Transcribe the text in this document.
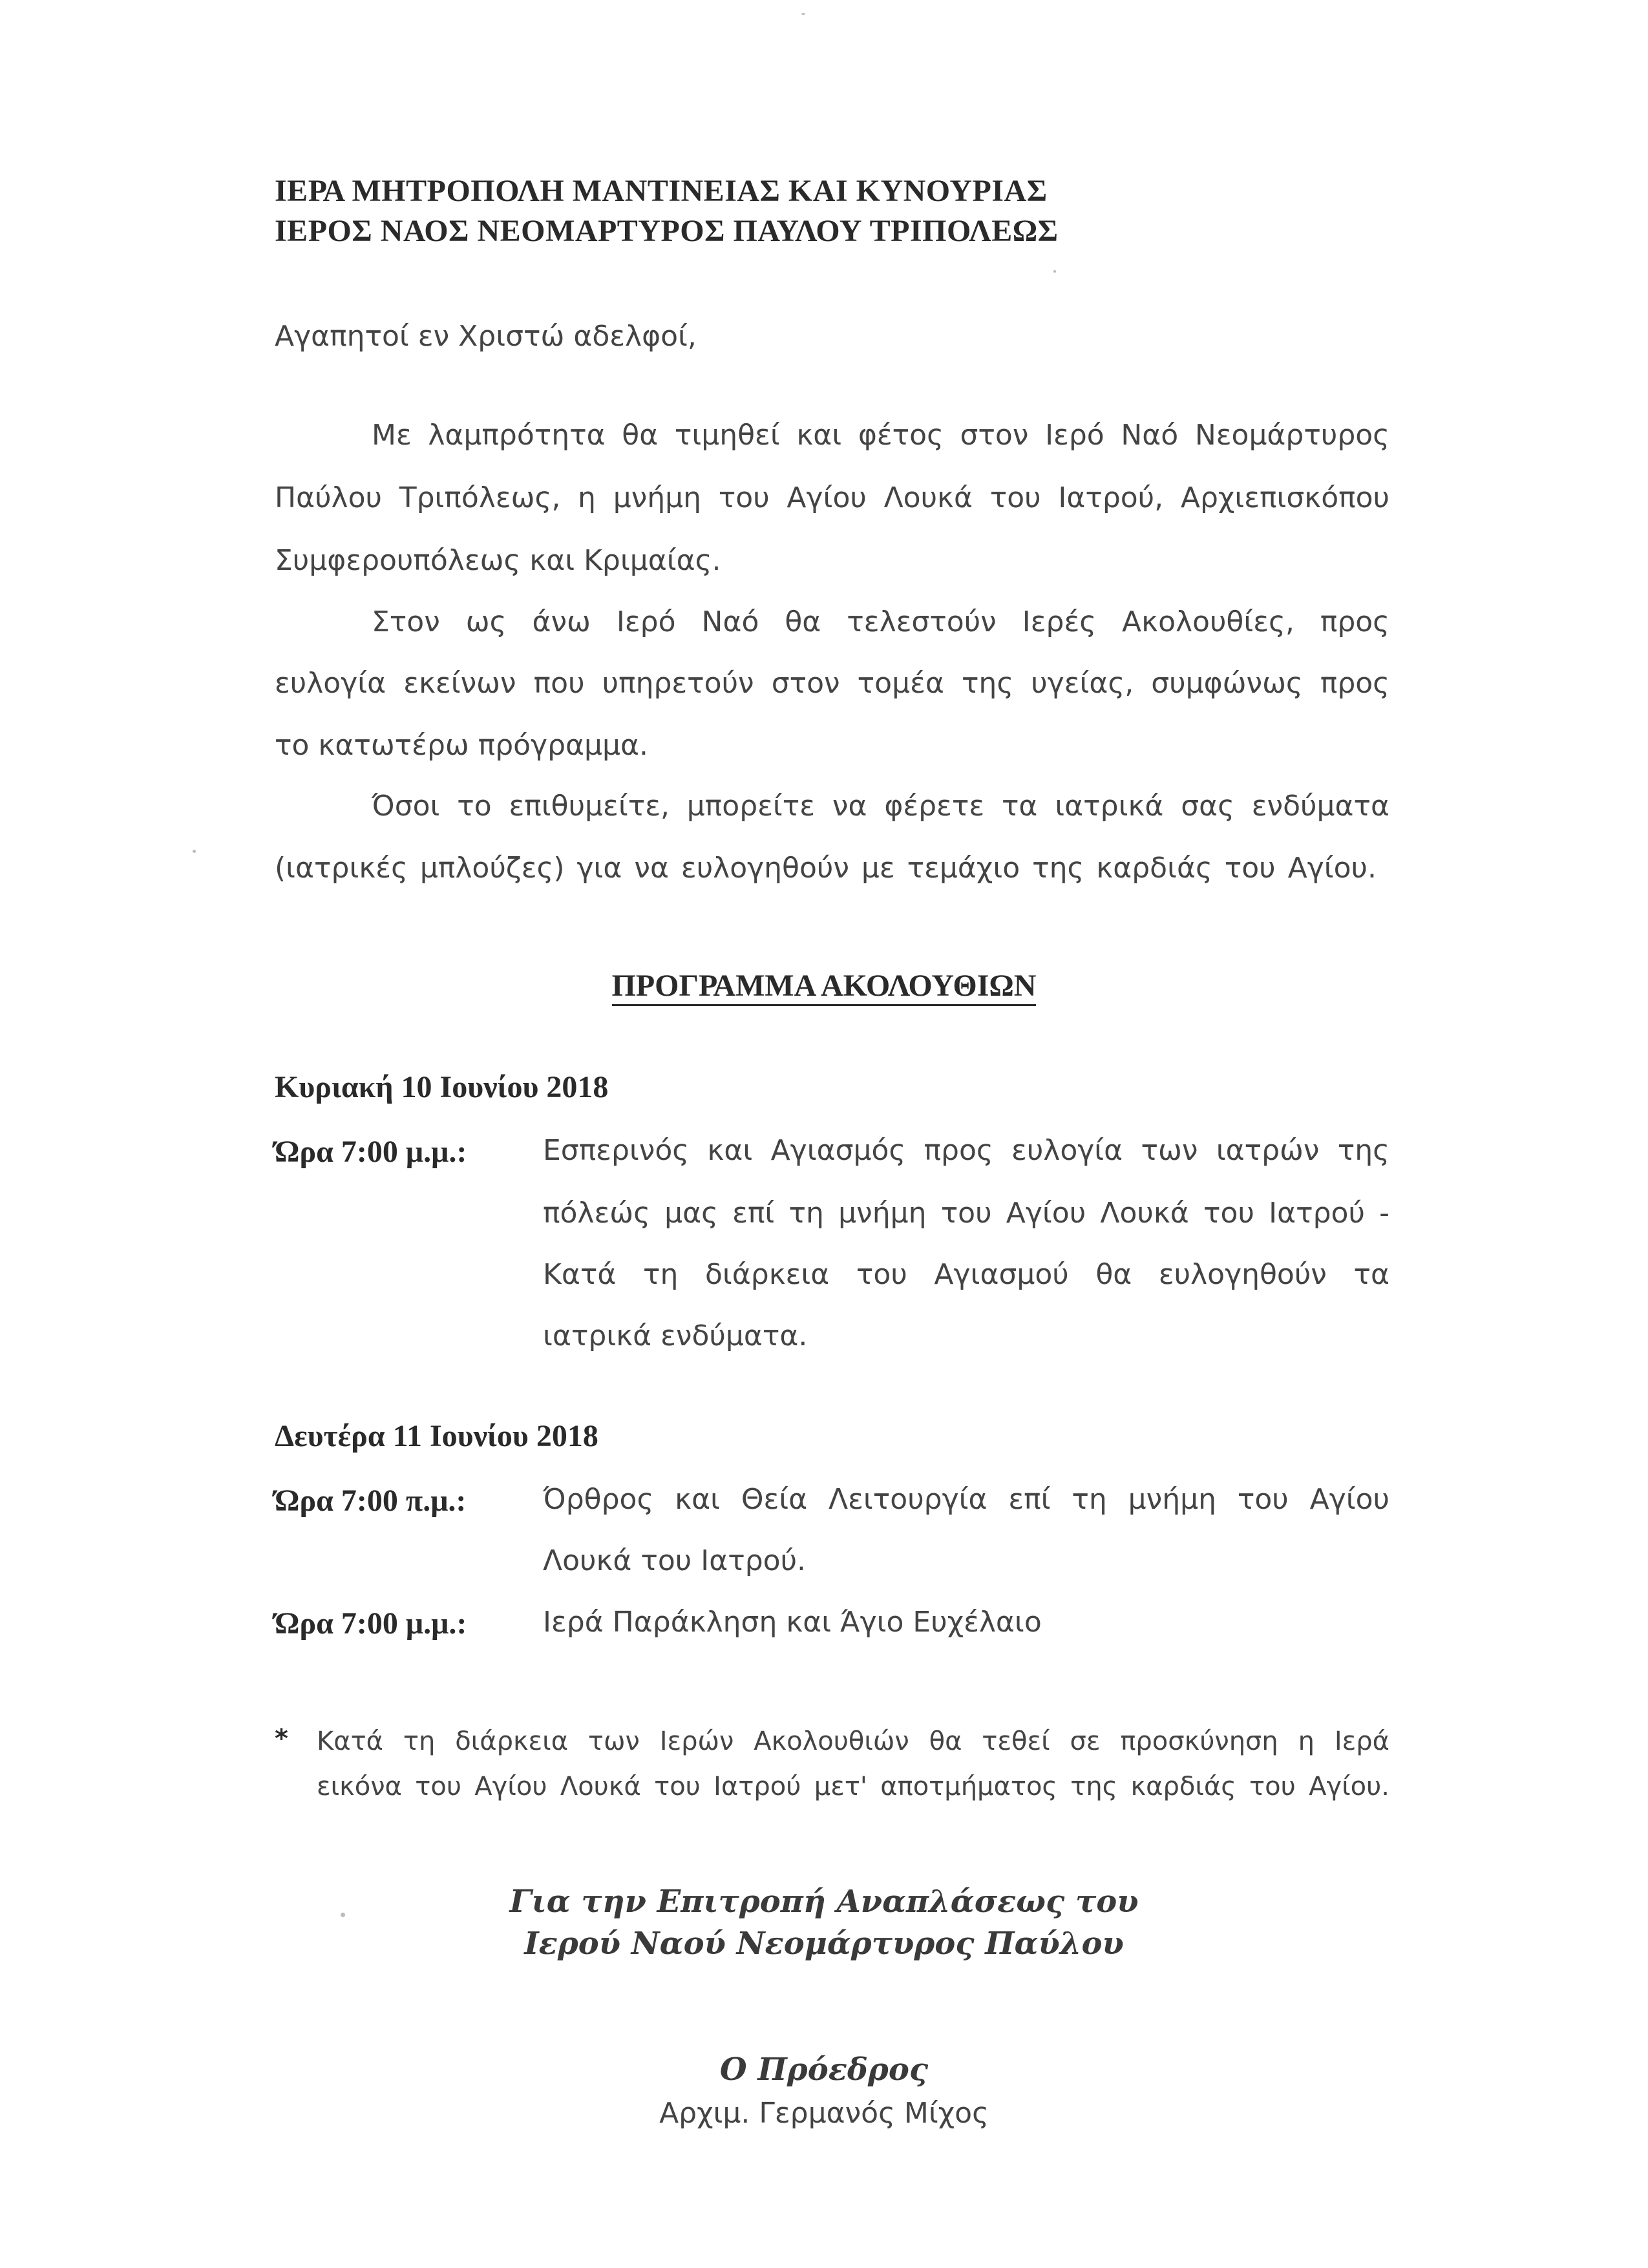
ΙΕΡΑ ΜΗΤΡΟΠΟΛΗ ΜΑΝΤΙΝΕΙΑΣ ΚΑΙ ΚΥΝΟΥΡΙΑΣ
ΙΕΡΟΣ ΝΑΟΣ ΝΕΟΜΑΡΤΥΡΟΣ ΠΑΥΛΟΥ ΤΡΙΠΟΛΕΩΣ
Αγαπητοί εν Χριστώ αδελφοί,
Με λαμπρότητα θα τιμηθεί και φέτος στον Ιερό Ναό Νεομάρτυρος
Παύλου Τριπόλεως, η μνήμη του Αγίου Λουκά του Ιατρού, Αρχιεπισκόπου
Συμφερουπόλεως και Κριμαίας.
Στον ως άνω Ιερό Ναό θα τελεστούν Ιερές Ακολουθίες, προς
ευλογία εκείνων που υπηρετούν στον τομέα της υγείας, συμφώνως προς
το κατωτέρω πρόγραμμα.
Όσοι το επιθυμείτε, μπορείτε να φέρετε τα ιατρικά σας ενδύματα
(ιατρικές μπλούζες) για να ευλογηθούν με τεμάχιο της καρδιάς του Αγίου.
ΠΡΟΓΡΑΜΜΑ ΑΚΟΛΟΥΘΙΩΝ
Κυριακή 10 Ιουνίου 2018
Ώρα 7:00 μ.μ.:	Εσπερινός και Αγιασμός προς ευλογία των ιατρών της
πόλεώς μας επί τη μνήμη του Αγίου Λουκά του Ιατρού -
Κατά τη διάρκεια του Αγιασμού θα ευλογηθούν τα
ιατρικά ενδύματα.
Δευτέρα 11 Ιουνίου 2018
Ώρα 7:00 π.μ.:	Όρθρος και Θεία Λειτουργία επί τη μνήμη του Αγίου
Λουκά του Ιατρού.
Ώρα 7:00 μ.μ.:	Ιερά Παράκληση και Άγιο Ευχέλαιο
* Κατά τη διάρκεια των Ιερών Ακολουθιών θα τεθεί σε προσκύνηση η Ιερά
εικόνα του Αγίου Λουκά του Ιατρού μετ' αποτμήματος της καρδιάς του Αγίου.
Για την Επιτροπή Αναπλάσεως του
Ιερού Ναού Νεομάρτυρος Παύλου
Ο Πρόεδρος
Αρχιμ. Γερμανός Μίχος
